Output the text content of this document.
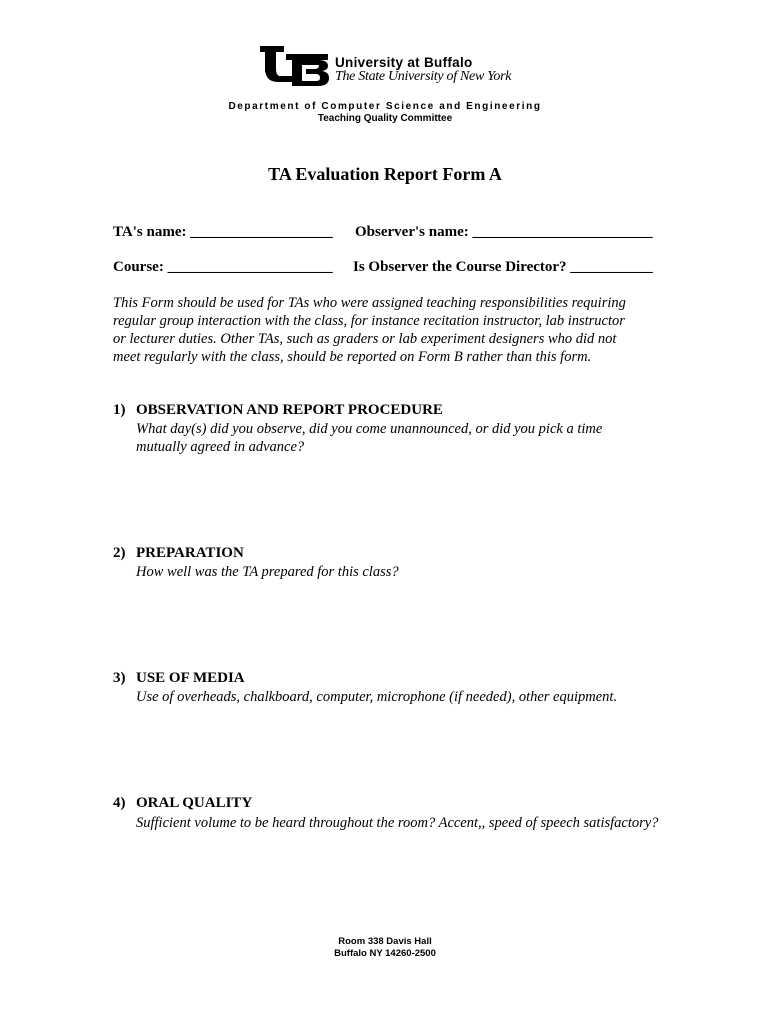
University at Buffalo
The State University of New York
Department of Computer Science and Engineering
Teaching Quality Committee
TA Evaluation Report Form A
TA's name: ___________________ Observer's name: ________________________
Course: ______________________ Is Observer the Course Director? ___________
This Form should be used for TAs who were assigned teaching responsibilities requiring
regular group interaction with the class, for instance recitation instructor, lab instructor
or lecturer duties. Other TAs, such as graders or lab experiment designers who did not
meet regularly with the class, should be reported on Form B rather than this form.
1) OBSERVATION AND REPORT PROCEDURE
What day(s) did you observe, did you come unannounced, or did you pick a time
mutually agreed in advance?
2) PREPARATION
How well was the TA prepared for this class?
3) USE OF MEDIA
Use of overheads, chalkboard, computer, microphone (if needed), other equipment.
4) ORAL QUALITY
Sufficient volume to be heard throughout the room? Accent,, speed of speech satisfactory?
Room 338 Davis Hall
Buffalo NY 14260-2500
